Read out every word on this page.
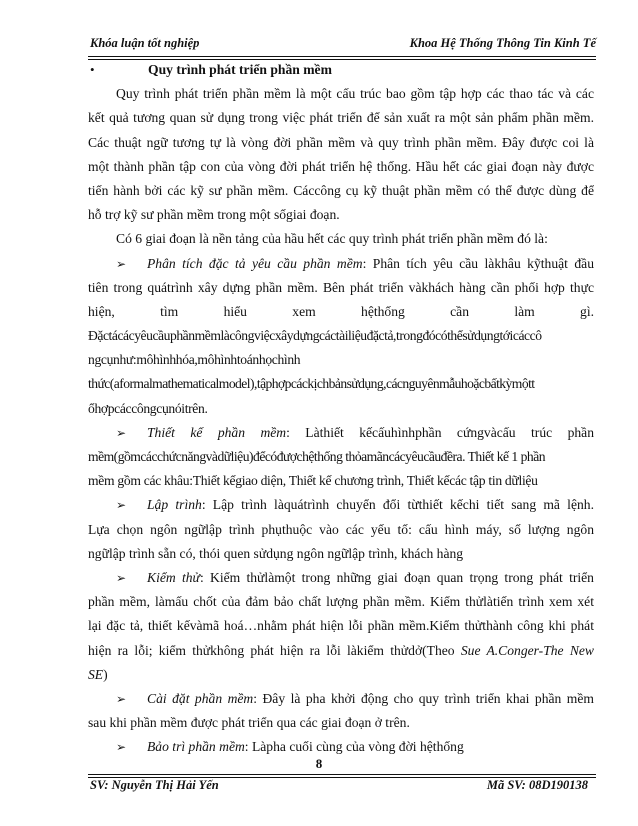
Khóa luận tốt nghiệp	Khoa Hệ Thống Thông Tin Kinh Tế
•	Quy trình phát triển phần mềm
Quy trình phát triển phần mềm là một cấu trúc bao gồm tập hợp các thao tác và các
kết quả tương quan sử dụng trong việc phát triển để sản xuất ra một sản phẩm phần mềm.
Các thuật ngữ tương tự là vòng đời phần mềm và quy trình phần mềm. Đây được coi là
một thành phần tập con của vòng đời phát triển hệ thống. Hầu hết các giai đoạn này được
tiến hành bởi các kỹ sư phần mềm. Cáccông cụ kỹ thuật phần mềm có thể được dùng để
hỗ trợ kỹ sư phần mềm trong một sốgiai đoạn.
Có 6 giai đoạn là nền tảng của hầu hết các quy trình phát triển phần mềm đó là:
➢ Phân tích đặc tả yêu cầu phần mềm: Phân tích yêu cầu làkhâu kỹthuật đầu
tiên trong quátrình xây dựng phần mềm. Bên phát triển vàkhách hàng cần phối hợp thực
hiện,	tìm	hiểu	xem	hệthống	cần	làm	gì.
Đặctácácyêucầuphầnmềmlàcôngviệcxâydựngcáctàiliệuđặctả,trongđócóthểsửdụngtớicáccô
ngcụnhư:môhìnhhóa,môhìnhtoánhọchình
thức(aformalmathematicalmodel),tậphợpcáckịchbảnsửdụng,cácnguyênmẫuhoặcbấtkỳmộtt
ổhợpcáccôngcụnóitrên.
➢ Thiết kế phần mềm: Làthiết kếcấuhìnhphần cứngvàcấu trúc phần
mềm(gồmcácchứcnăngvàdữliệu)đểcóđượchệthống thỏamãncácyêucầuđềra. Thiết kế 1 phần
mềm gồm các khâu:Thiết kếgiao diện, Thiết kế chương trình, Thiết kếcác tập tin dữliệu
➢ Lập trình: Lập trình làquátrình chuyển đổi từthiết kếchi tiết sang mã lệnh.
Lựa chọn ngôn ngữlập trình phụthuộc vào các yếu tố: cấu hình máy, số lượng ngôn
ngữlập trình sẵn có, thói quen sửdụng ngôn ngữlập trình, khách hàng
➢ Kiểm thử: Kiểm thửlàmột trong những giai đoạn quan trọng trong phát triển
phần mềm, làmấu chốt của đảm bảo chất lượng phần mềm. Kiểm thửlàtiến trình xem xét
lại đặc tả, thiết kếvàmã hoá…nhằm phát hiện lỗi phần mềm.Kiểm thửthành công khi phát
hiện ra lỗi; kiểm thửkhông phát hiện ra lỗi làkiểm thửdở(Theo Sue A.Conger-The New
SE)
➢ Cài đặt phần mềm: Đây là pha khởi động cho quy trình triển khai phần mềm
sau khi phần mềm được phát triển qua các giai đoạn ở trên.
➢ Bảo trì phần mềm: Làpha cuối cùng của vòng đời hệthống
8
SV: Nguyễn Thị Hải Yến	Mã SV: 08D190138
